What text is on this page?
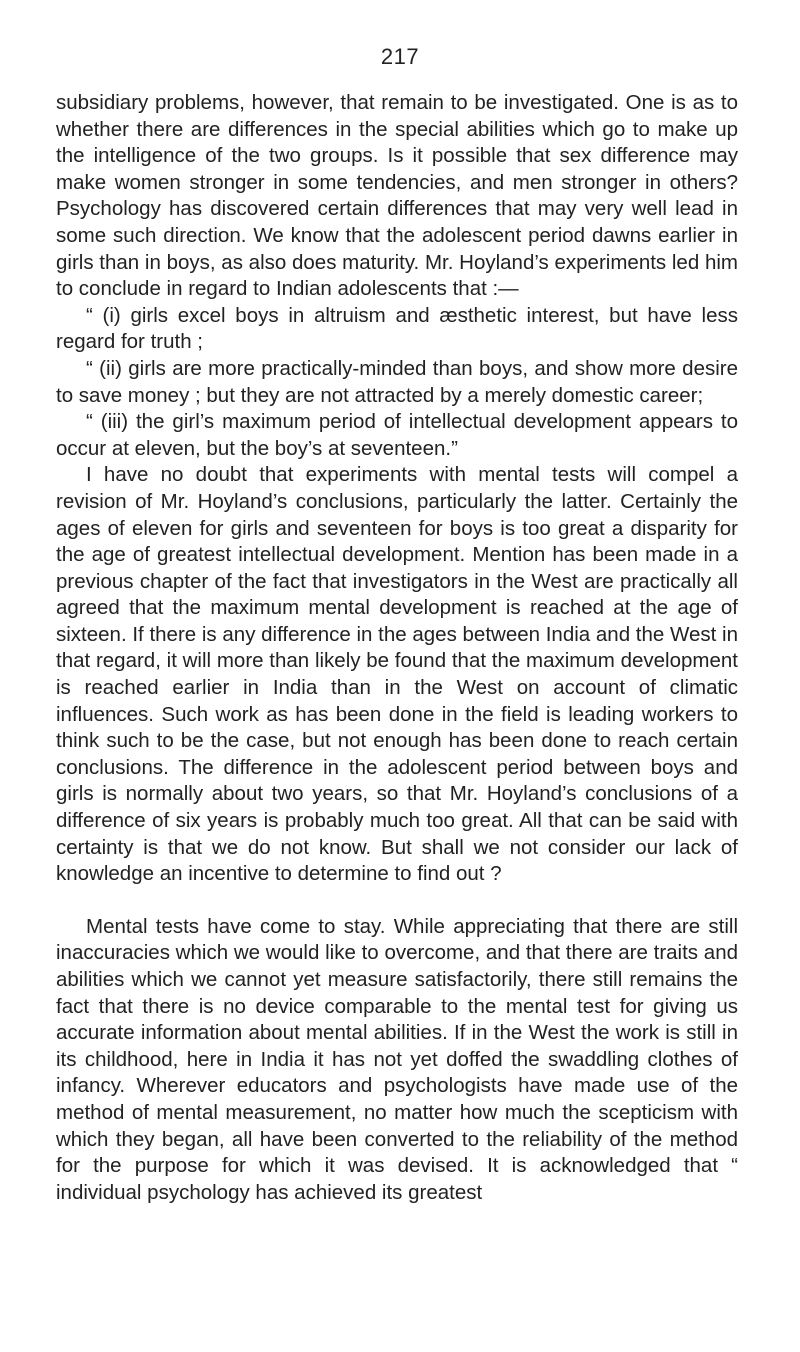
217

subsidiary problems, however, that remain to be investigated. One is as to whether there are differences in the special abilities which go to make up the intelligence of the two groups. Is it possible that sex difference may make women stronger in some tendencies, and men stronger in others? Psychology has discovered certain differences that may very well lead in some such direction. We know that the adolescent period dawns earlier in girls than in boys, as also does maturity. Mr. Hoyland’s experiments led him to conclude in regard to Indian adolescents that :—

“ (i) girls excel boys in altruism and æsthetic interest, but have less regard for truth ;

“ (ii) girls are more practically-minded than boys, and show more desire to save money ; but they are not attracted by a merely domestic career;

“ (iii) the girl’s maximum period of intellectual development appears to occur at eleven, but the boy’s at seventeen.”

I have no doubt that experiments with mental tests will compel a revision of Mr. Hoyland’s conclusions, particularly the latter. Certainly the ages of eleven for girls and seventeen for boys is too great a disparity for the age of greatest intellectual development. Mention has been made in a previous chapter of the fact that investigators in the West are practically all agreed that the maximum mental development is reached at the age of sixteen. If there is any difference in the ages between India and the West in that regard, it will more than likely be found that the maximum development is reached earlier in India than in the West on account of climatic influences. Such work as has been done in the field is leading workers to think such to be the case, but not enough has been done to reach certain conclusions. The difference in the adolescent period between boys and girls is normally about two years, so that Mr. Hoyland’s conclusions of a difference of six years is probably much too great. All that can be said with certainty is that we do not know. But shall we not consider our lack of knowledge an incentive to determine to find out ?

Mental tests have come to stay. While appreciating that there are still inaccuracies which we would like to overcome, and that there are traits and abilities which we cannot yet measure satisfactorily, there still remains the fact that there is no device comparable to the mental test for giving us accurate information about mental abilities. If in the West the work is still in its childhood, here in India it has not yet doffed the swaddling clothes of infancy. Wherever educators and psychologists have made use of the method of mental measurement, no matter how much the scepticism with which they began, all have been converted to the reliability of the method for the purpose for which it was devised. It is acknowledged that “ individual psychology has achieved its greatest
